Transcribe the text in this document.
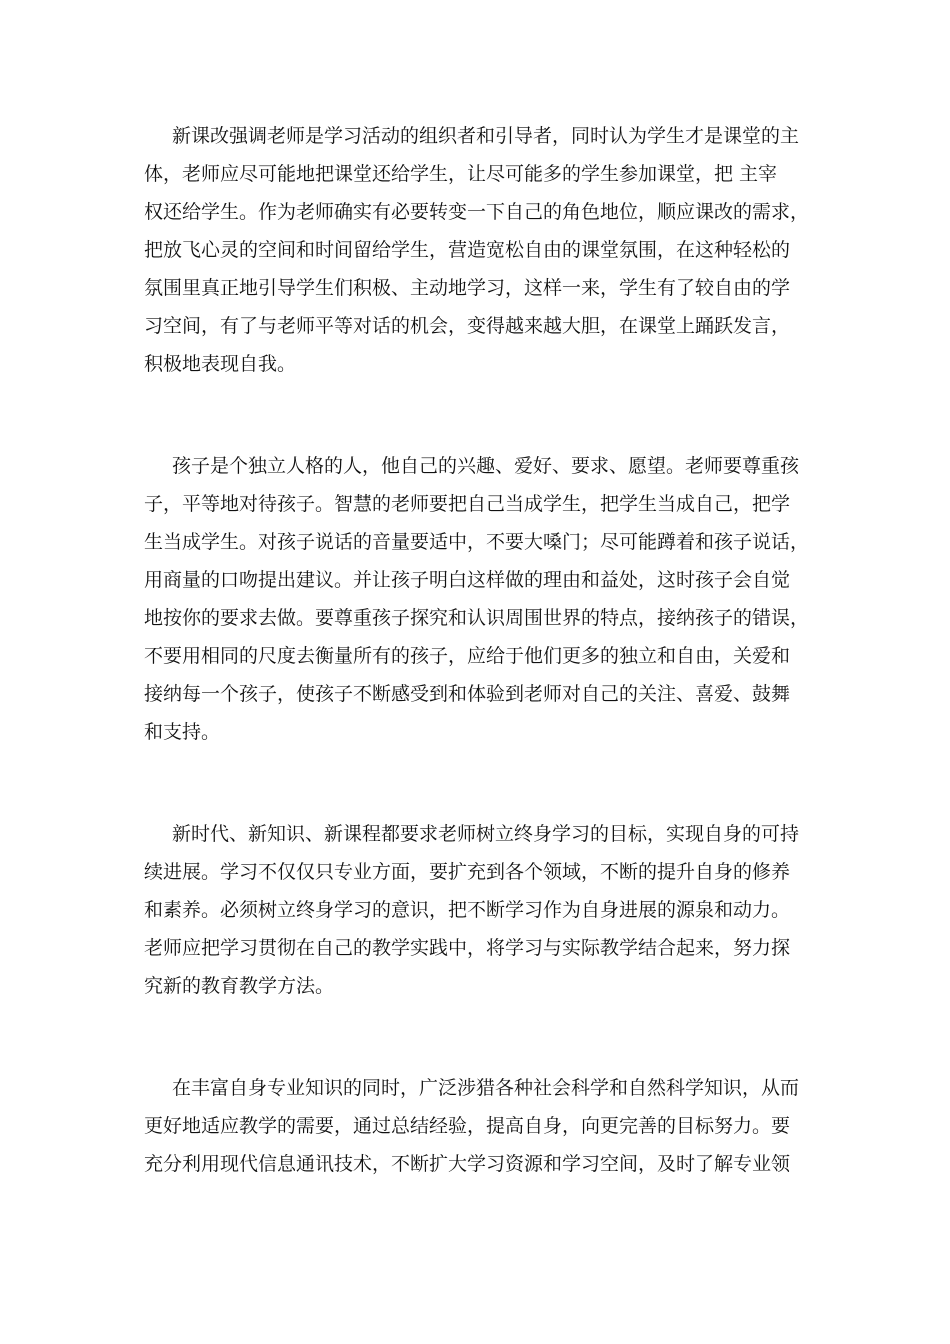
新课改强调老师是学习活动的组织者和引导者，同时认为学生才是课堂的主
体，老师应尽可能地把课堂还给学生，让尽可能多的学生参加课堂，把 主宰
权还给学生。作为老师确实有必要转变一下自己的角色地位，顺应课改的需求，
把放飞心灵的空间和时间留给学生，营造宽松自由的课堂氛围，在这种轻松的
氛围里真正地引导学生们积极、主动地学习，这样一来，学生有了较自由的学
习空间，有了与老师平等对话的机会，变得越来越大胆，在课堂上踊跃发言，
积极地表现自我。
孩子是个独立人格的人，他自己的兴趣、爱好、要求、愿望。老师要尊重孩
子，平等地对待孩子。智慧的老师要把自己当成学生，把学生当成自己，把学
生当成学生。对孩子说话的音量要适中，不要大嗓门；尽可能蹲着和孩子说话，
用商量的口吻提出建议。并让孩子明白这样做的理由和益处，这时孩子会自觉
地按你的要求去做。要尊重孩子探究和认识周围世界的特点，接纳孩子的错误，
不要用相同的尺度去衡量所有的孩子，应给于他们更多的独立和自由，关爱和
接纳每一个孩子，使孩子不断感受到和体验到老师对自己的关注、喜爱、鼓舞
和支持。
新时代、新知识、新课程都要求老师树立终身学习的目标，实现自身的可持
续进展。学习不仅仅只专业方面，要扩充到各个领域，不断的提升自身的修养
和素养。必须树立终身学习的意识，把不断学习作为自身进展的源泉和动力。
老师应把学习贯彻在自己的教学实践中，将学习与实际教学结合起来，努力探
究新的教育教学方法。
在丰富自身专业知识的同时，广泛涉猎各种社会科学和自然科学知识，从而
更好地适应教学的需要，通过总结经验，提高自身，向更完善的目标努力。要
充分利用现代信息通讯技术，不断扩大学习资源和学习空间，及时了解专业领
